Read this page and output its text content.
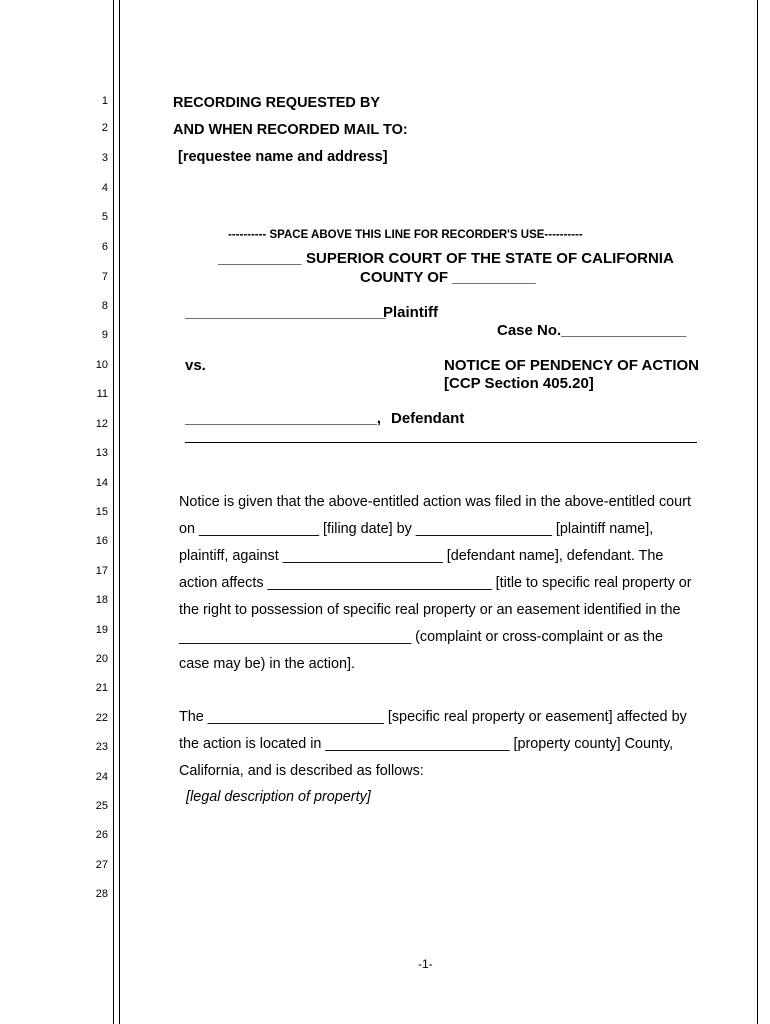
1
2
3
4
5
6
7
8
9
10
11
12
13
14
15
16
17
18
19
20
21
22
23
24
25
26
27
28
RECORDING REQUESTED BY
AND WHEN RECORDED MAIL TO:
[requestee name and address]
---------- SPACE ABOVE THIS LINE FOR RECORDER'S USE----------
__________ SUPERIOR COURT OF THE STATE OF CALIFORNIA
COUNTY OF __________
________________________
Plaintiff
Case No._______________
vs.	NOTICE OF PENDENCY OF ACTION
[CCP Section 405.20]
_______________________, Defendant
Notice is given that the above-entitled action was filed in the above-entitled court
on _______________ [filing date] by _________________ [plaintiff name],
plaintiff, against ____________________ [defendant name], defendant. The
action affects ____________________________ [title to specific real property or
the right to possession of specific real property or an easement identified in the
_____________________________ (complaint or cross-complaint or as the
case may be) in the action].
The ______________________ [specific real property or easement] affected by
the action is located in _______________________ [property county] County,
California, and is described as follows:
[legal description of property]
-1-
